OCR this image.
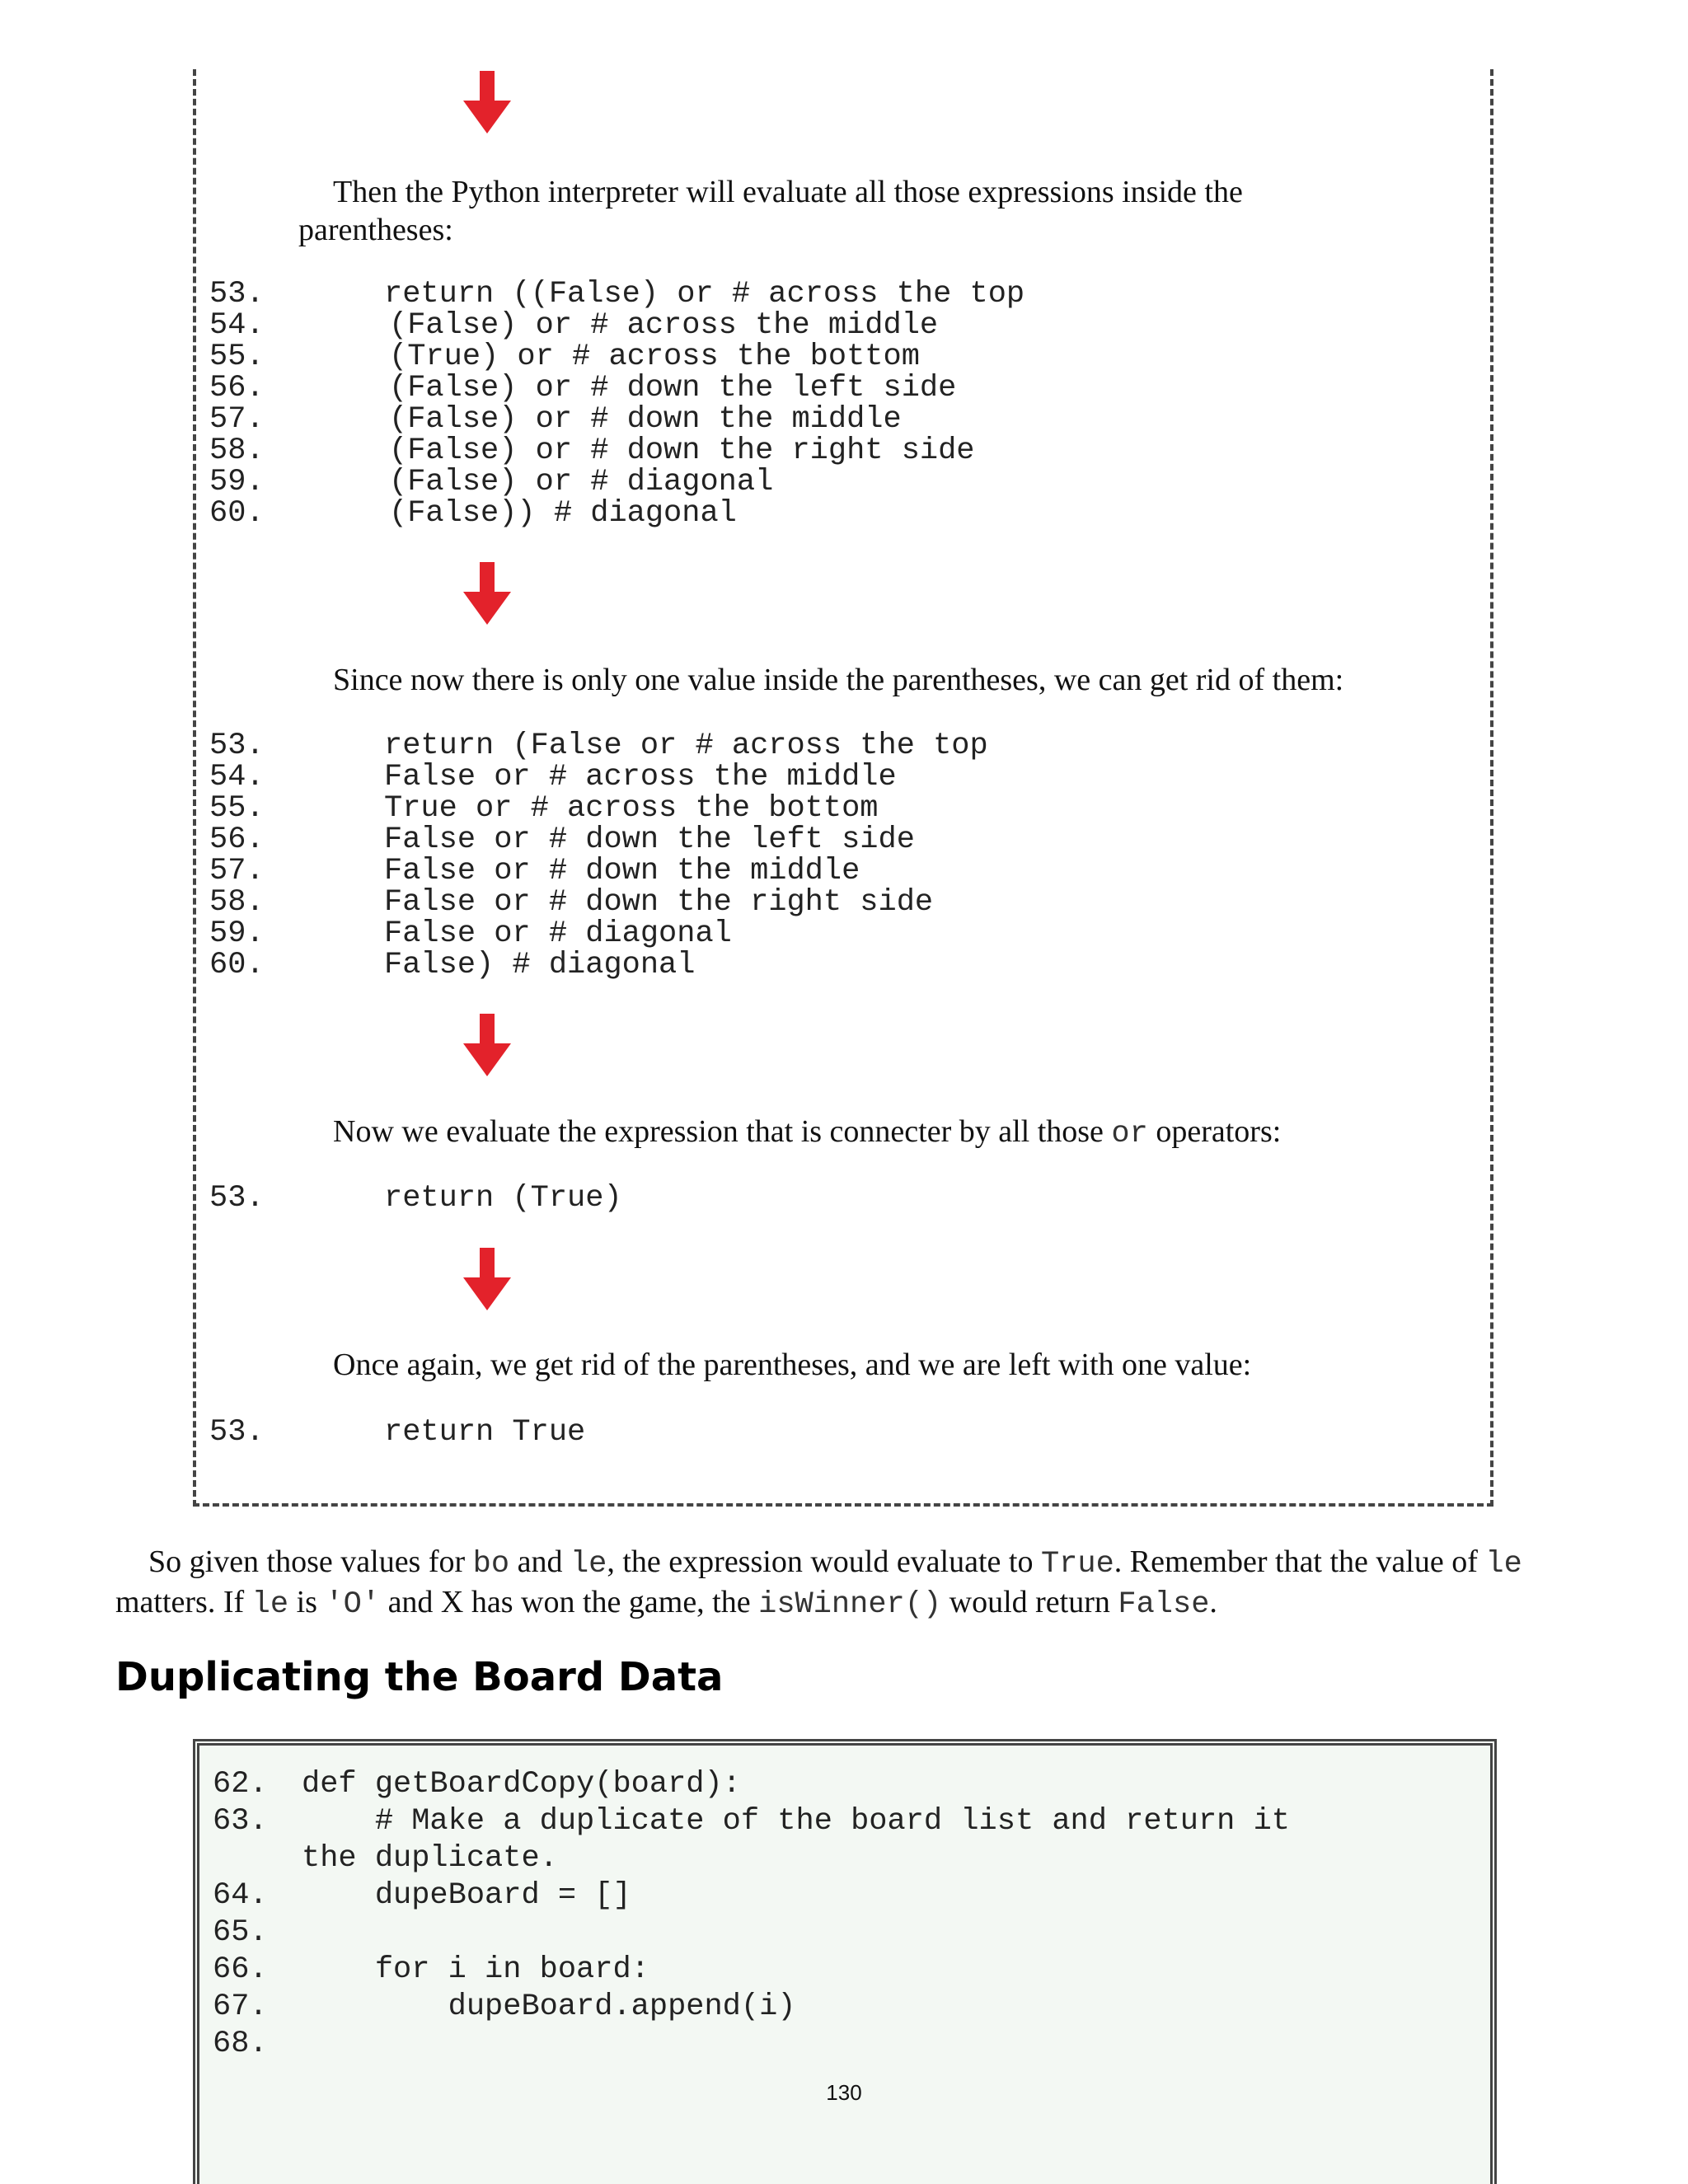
Then the Python interpreter will evaluate all those expressions inside the parentheses:

53.	return ((False) or # across the top
54.	(False) or # across the middle
55.	(True) or # across the bottom
56.	(False) or # down the left side
57.	(False) or # down the middle
58.	(False) or # down the right side
59.	(False) or # diagonal
60.	(False)) # diagonal

Since now there is only one value inside the parentheses, we can get rid of them:

53.	return (False or # across the top
54.	False or # across the middle
55.	True or # across the bottom
56.	False or # down the left side
57.	False or # down the middle
58.	False or # down the right side
59.	False or # diagonal
60.	False) # diagonal

Now we evaluate the expression that is connecter by all those or operators:

53.	return (True)

Once again, we get rid of the parentheses, and we are left with one value:

53.	return True

So given those values for bo and le, the expression would evaluate to True. Remember that the value of le matters. If le is 'O' and X has won the game, the isWinner() would return False.

Duplicating the Board Data
62. def getBoardCopy(board):
63. # Make a duplicate of the board list and return it
the duplicate.
64. dupeBoard = []
65.
66. for i in board:
67. dupeBoard.append(i)
68.
130
